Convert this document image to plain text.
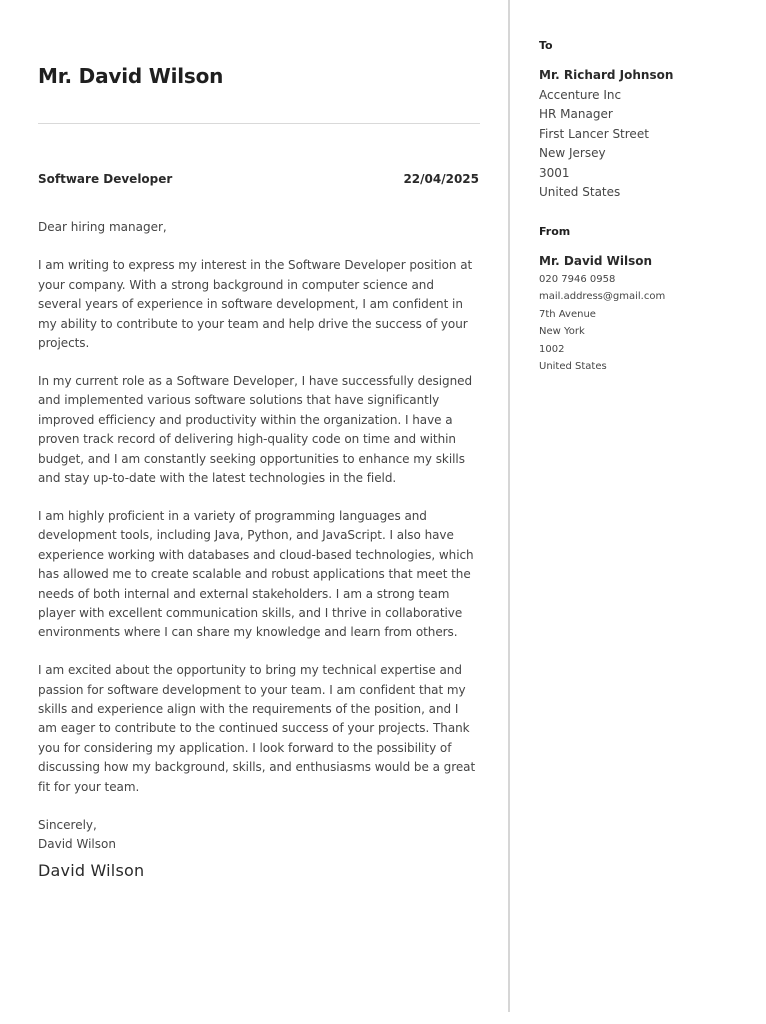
Mr. David Wilson
Software Developer	22/04/2025

Dear hiring manager,

I am writing to express my interest in the Software Developer position at your company. With a strong background in computer science and several years of experience in software development, I am confident in my ability to contribute to your team and help drive the success of your projects.

In my current role as a Software Developer, I have successfully designed and implemented various software solutions that have significantly improved efficiency and productivity within the organization. I have a proven track record of delivering high-quality code on time and within budget, and I am constantly seeking opportunities to enhance my skills and stay up-to-date with the latest technologies in the field.

I am highly proficient in a variety of programming languages and development tools, including Java, Python, and JavaScript. I also have experience working with databases and cloud-based technologies, which has allowed me to create scalable and robust applications that meet the needs of both internal and external stakeholders. I am a strong team player with excellent communication skills, and I thrive in collaborative environments where I can share my knowledge and learn from others.

I am excited about the opportunity to bring my technical expertise and passion for software development to your team. I am confident that my skills and experience align with the requirements of the position, and I am eager to contribute to the continued success of your projects. Thank you for considering my application. I look forward to the possibility of discussing how my background, skills, and enthusiasms would be a great fit for your team.

Sincerely,

David Wilson

David Wilson

To

Mr. Richard Johnson

Accenture Inc

HR Manager

First Lancer Street

New Jersey

3001

United States

From

Mr. David Wilson

020 7946 0958

mail.address@gmail.com

7th Avenue

New York

1002

United States
